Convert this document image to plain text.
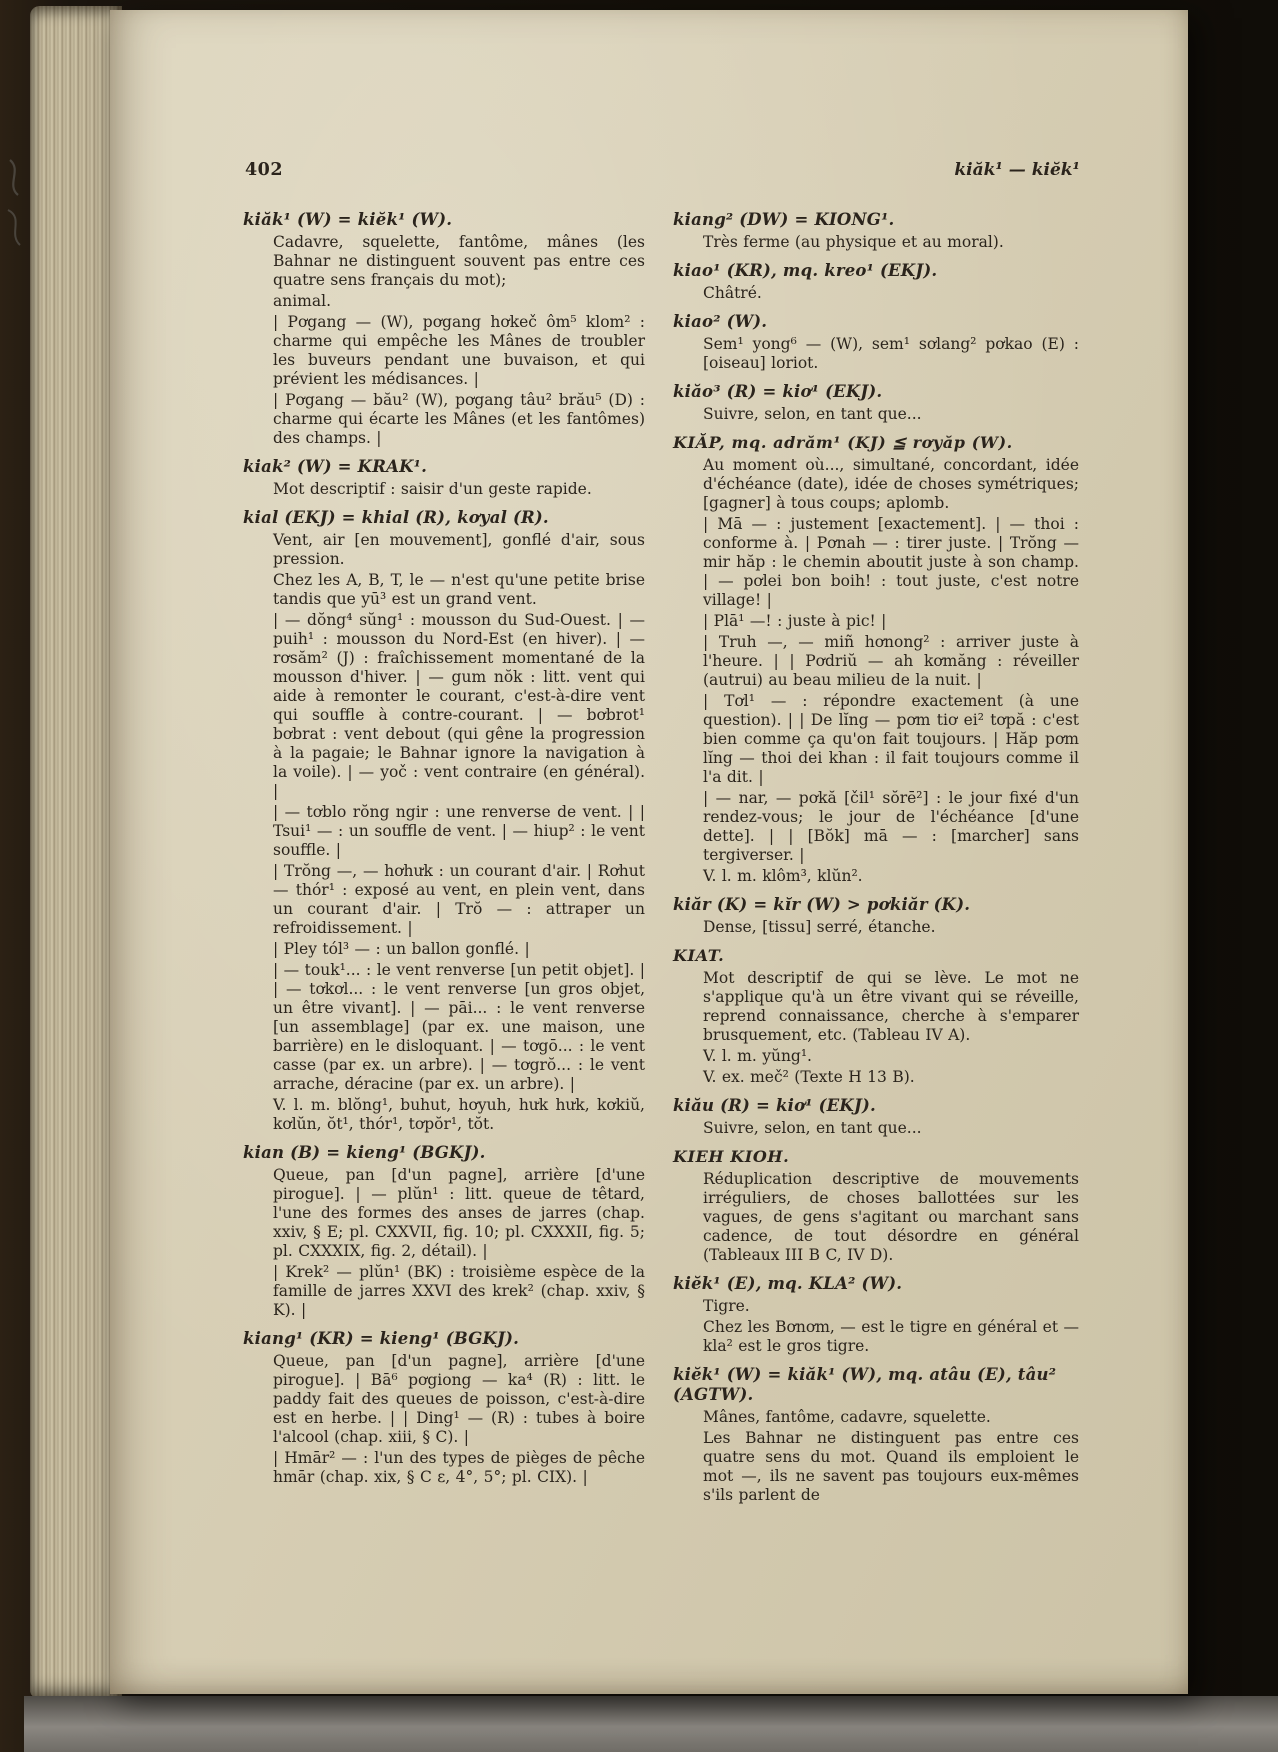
402	kiăk¹ — kiĕk¹
kiăk¹ (W) = kiĕk¹ (W).

Cadavre, squelette, fantôme, mânes (les Bahnar ne distinguent souvent pas entre ces quatre sens français du mot);

animal.

| Pơgang — (W), pơgang hơkeč ôm⁵ klom² : charme qui empêche les Mânes de troubler les buveurs pendant une buvaison, et qui prévient les médisances. |

| Pơgang — bău² (W), pơgang tâu² brău⁵ (D) : charme qui écarte les Mânes (et les fantômes) des champs. |

kiak² (W) = KRAK¹.

Mot descriptif : saisir d'un geste rapide.

kial (EKJ) = khial (R), kơyal (R).

Vent, air [en mouvement], gonflé d'air, sous pression.

Chez les A, B, T, le — n'est qu'une petite brise tandis que yū³ est un grand vent.

| — dŏng⁴ sŭng¹ : mousson du Sud-Ouest. | — puih¹ : mousson du Nord-Est (en hiver). | — rơsăm² (J) : fraîchissement momentané de la mousson d'hiver. | — gum nŏk : litt. vent qui aide à remonter le courant, c'est-à-dire vent qui souffle à contre-courant. | — bơbrot¹ bơbrat : vent debout (qui gêne la progression à la pagaie; le Bahnar ignore la navigation à la voile). | — yoč : vent contraire (en général). |

| — tơblo rŏng ngir : une renverse de vent. | | Tsui¹ — : un souffle de vent. | — hiup² : le vent souffle. |

| Trŏng —, — hơhưk : un courant d'air. | Rơhut — thór¹ : exposé au vent, en plein vent, dans un courant d'air. | Trŏ — : attraper un refroidissement. |

| Pley tól³ — : un ballon gonflé. |

| — touk¹... : le vent renverse [un petit objet]. | | — tơkơl... : le vent renverse [un gros objet, un être vivant]. | — pāi... : le vent renverse [un assemblage] (par ex. une maison, une barrière) en le disloquant. | — tơgō... : le vent casse (par ex. un arbre). | — tơgrŏ... : le vent arrache, déracine (par ex. un arbre). |

V. l. m. blŏng¹, buhut, hơyuh, hưk hưk, kơkiŭ, kơlŭn, ŏt¹, thór¹, tơpŏr¹, tŏt.

kian (B) = kieng¹ (BGKJ).

Queue, pan [d'un pagne], arrière [d'une pirogue]. | — plŭn¹ : litt. queue de têtard, l'une des formes des anses de jarres (chap. xxiv, § E; pl. CXXVII, fig. 10; pl. CXXXII, fig. 5; pl. CXXXIX, fig. 2, détail). |

| Krek² — plŭn¹ (BK) : troisième espèce de la famille de jarres XXVI des krek² (chap. xxiv, § K). |

kiang¹ (KR) = kieng¹ (BGKJ).

Queue, pan [d'un pagne], arrière [d'une pirogue]. | Bā⁶ pơgiong — ka⁴ (R) : litt. le paddy fait des queues de poisson, c'est-à-dire est en herbe. | | Ding¹ — (R) : tubes à boire l'alcool (chap. xiii, § C). |

| Hmār² — : l'un des types de pièges de pêche hmār (chap. xix, § C ε, 4°, 5°; pl. CIX). |

kiang² (DW) = KIONG¹.

Très ferme (au physique et au moral).

kiao¹ (KR), mq. kreo¹ (EKJ).

Châtré.

kiao² (W).

Sem¹ yong⁶ — (W), sem¹ sơlang² pơkao (E) : [oiseau] loriot.

kiăo³ (R) = kiơ¹ (EKJ).

Suivre, selon, en tant que...

KIĂP, mq. adrăm¹ (KJ) ≦ rơyăp (W).

Au moment où..., simultané, concordant, idée d'échéance (date), idée de choses symétriques; [gagner] à tous coups; aplomb.

| Mā — : justement [exactement]. | — thoi : conforme à. | Pơnah — : tirer juste. | Trŏng — mir hăp : le chemin aboutit juste à son champ. | — pơlei bon boih! : tout juste, c'est notre village! |

| Plā¹ —! : juste à pic! |

| Truh —, — miñ hơnong² : arriver juste à l'heure. | | Pơdriŭ — ah kơmăng : réveiller (autrui) au beau milieu de la nuit. |

| Tơl¹ — : répondre exactement (à une question). | | De lĭng — pơm tiơ ei² tơpă : c'est bien comme ça qu'on fait toujours. | Hăp pơm lĭng — thoi dei khan : il fait toujours comme il l'a dit. |

| — nar, — pơkă [čil¹ sŏrē²] : le jour fixé d'un rendez-vous; le jour de l'échéance [d'une dette]. | | [Bŏk] mā — : [marcher] sans tergiverser. |

V. l. m. klôm³, klŭn².

kiăr (K) = kĭr (W) > pơkiăr (K).

Dense, [tissu] serré, étanche.

KIAT.

Mot descriptif de qui se lève. Le mot ne s'applique qu'à un être vivant qui se réveille, reprend connaissance, cherche à s'emparer brusquement, etc. (Tableau IV A).

V. l. m. yŭng¹.

V. ex. meč² (Texte H 13 B).

kiău (R) = kiơ¹ (EKJ).

Suivre, selon, en tant que...

KIEH KIOH.

Réduplication descriptive de mouvements irréguliers, de choses ballottées sur les vagues, de gens s'agitant ou marchant sans cadence, de tout désordre en général (Tableaux III B C, IV D).

kiĕk¹ (E), mq. KLA² (W).

Tigre.

Chez les Bơnơm, — est le tigre en général et — kla² est le gros tigre.

kiĕk¹ (W) = kiăk¹ (W), mq. atâu (E), tâu² (AGTW).

Mânes, fantôme, cadavre, squelette.

Les Bahnar ne distinguent pas entre ces quatre sens du mot. Quand ils emploient le mot —, ils ne savent pas toujours eux-mêmes s'ils parlent de
